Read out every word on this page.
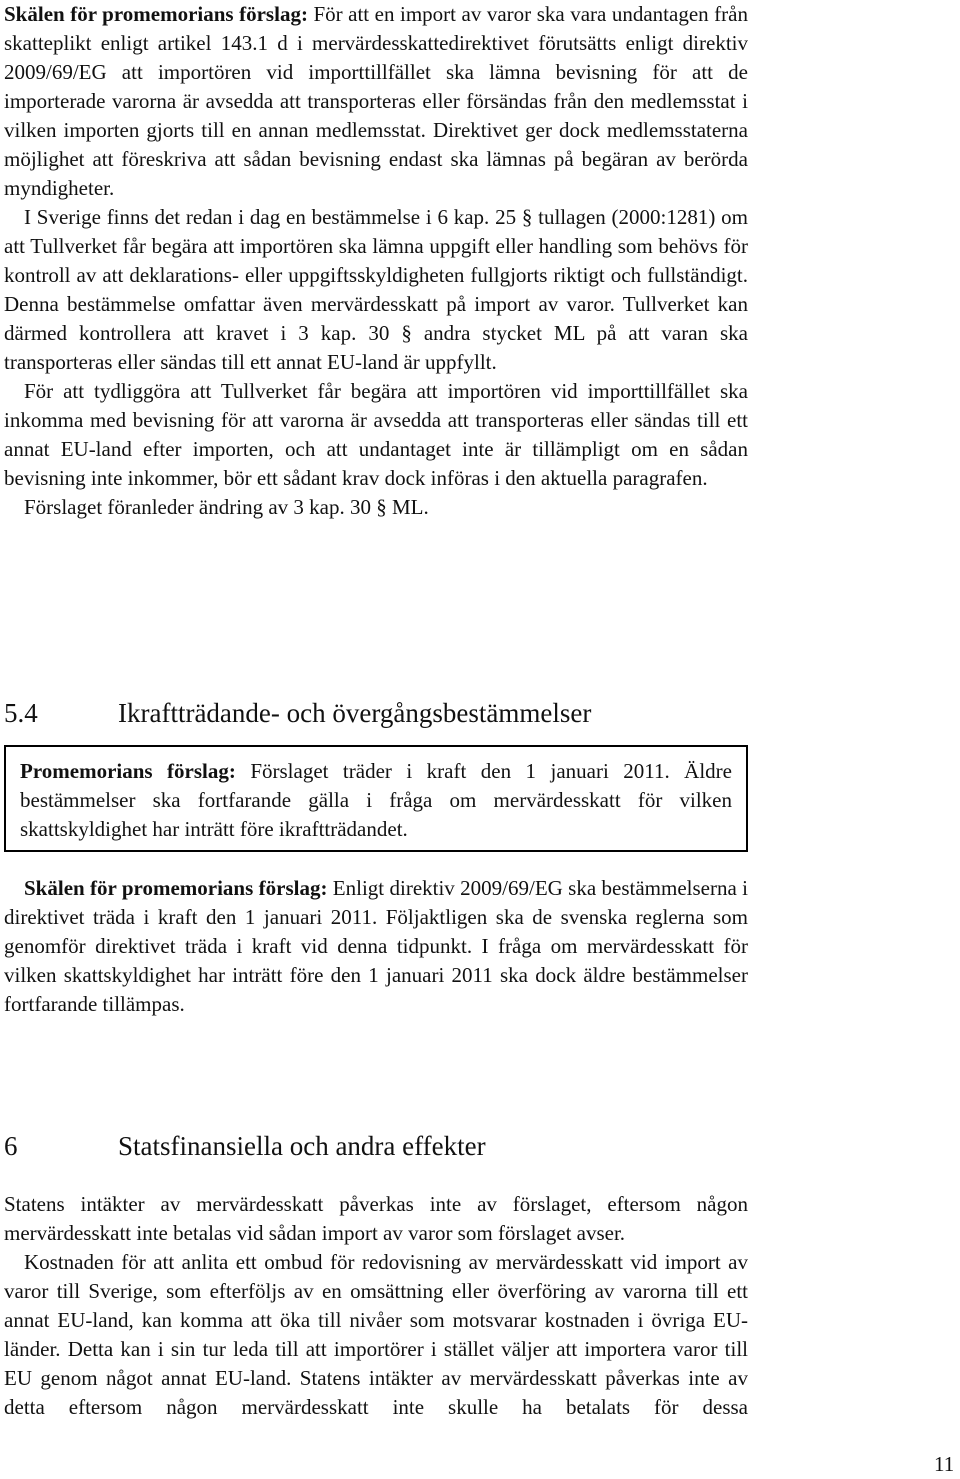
Skälen för promemorians förslag: För att en import av varor ska vara undantagen från skatteplikt enligt artikel 143.1 d i mervärdesskattedirektivet förutsätts enligt direktiv 2009/69/EG att importören vid importtillfället ska lämna bevisning för att de importerade varorna är avsedda att transporteras eller försändas från den medlemsstat i vilken importen gjorts till en annan medlemsstat. Direktivet ger dock medlemsstaterna möjlighet att föreskriva att sådan bevisning endast ska lämnas på begäran av berörda myndigheter.

I Sverige finns det redan i dag en bestämmelse i 6 kap. 25 § tullagen (2000:1281) om att Tullverket får begära att importören ska lämna uppgift eller handling som behövs för kontroll av att deklarations- eller uppgiftsskyldigheten fullgjorts riktigt och fullständigt. Denna bestämmelse omfattar även mervärdesskatt på import av varor. Tullverket kan därmed kontrollera att kravet i 3 kap. 30 § andra stycket ML på att varan ska transporteras eller sändas till ett annat EU-land är uppfyllt.

För att tydliggöra att Tullverket får begära att importören vid importtillfället ska inkomma med bevisning för att varorna är avsedda att transporteras eller sändas till ett annat EU-land efter importen, och att undantaget inte är tillämpligt om en sådan bevisning inte inkommer, bör ett sådant krav dock införas i den aktuella paragrafen.

Förslaget föranleder ändring av 3 kap. 30 § ML.

5.4	Ikraftträdande- och övergångsbestämmelser

Promemorians förslag: Förslaget träder i kraft den 1 januari 2011. Äldre bestämmelser ska fortfarande gälla i fråga om mervärdesskatt för vilken skattskyldighet har inträtt före ikraftträdandet.

Skälen för promemorians förslag: Enligt direktiv 2009/69/EG ska bestämmelserna i direktivet träda i kraft den 1 januari 2011. Följaktligen ska de svenska reglerna som genomför direktivet träda i kraft vid denna tidpunkt. I fråga om mervärdesskatt för vilken skattskyldighet har inträtt före den 1 januari 2011 ska dock äldre bestämmelser fortfarande tillämpas.

6	Statsfinansiella och andra effekter

Statens intäkter av mervärdesskatt påverkas inte av förslaget, eftersom någon mervärdesskatt inte betalas vid sådan import av varor som förslaget avser.

Kostnaden för att anlita ett ombud för redovisning av mervärdesskatt vid import av varor till Sverige, som efterföljs av en omsättning eller överföring av varorna till ett annat EU-land, kan komma att öka till nivåer som motsvarar kostnaden i övriga EU-länder. Detta kan i sin tur leda till att importörer i stället väljer att importera varor till EU genom något annat EU-land. Statens intäkter av mervärdesskatt påverkas inte av detta eftersom någon mervärdesskatt inte skulle ha betalats för dessa

11
